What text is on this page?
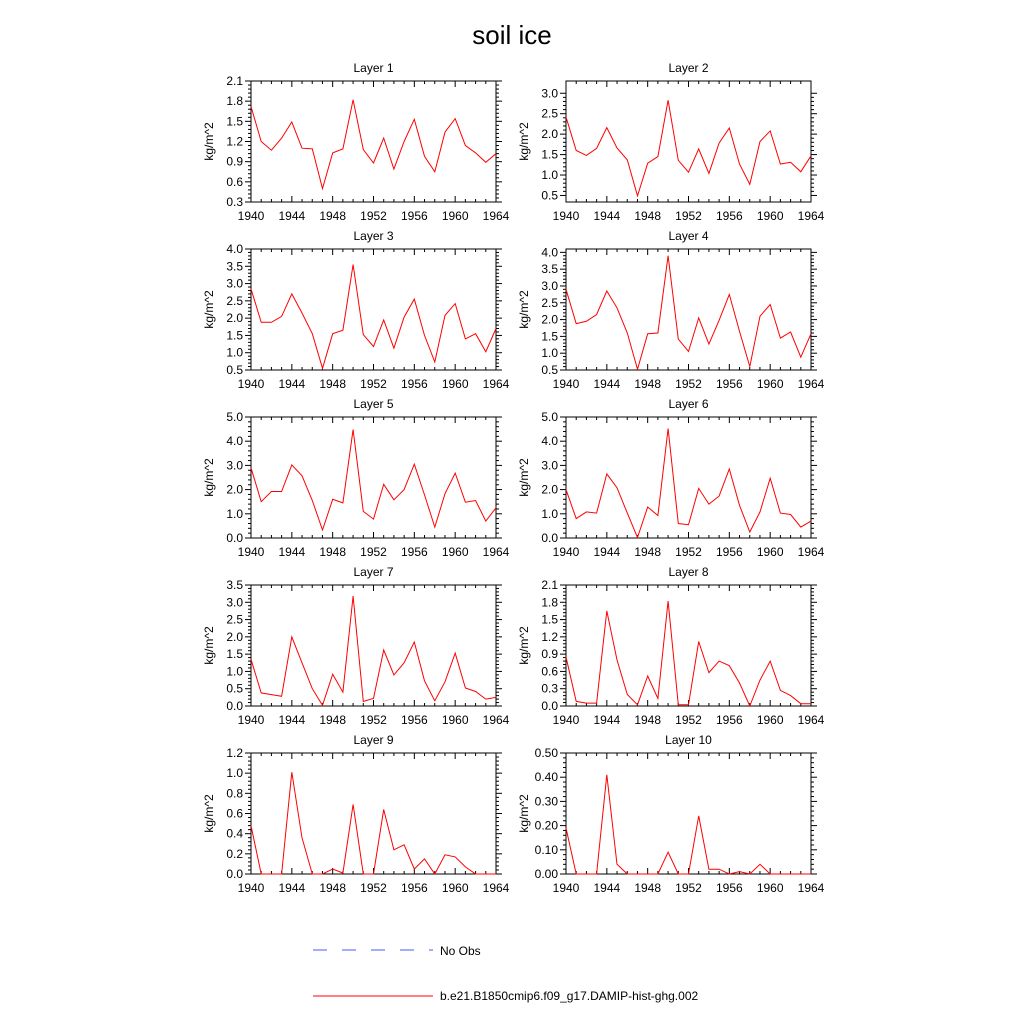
soil ice
Layer 1
1940 1944 1948 1952 1956 1960 1964
0.3
0.6
0.9
1.2
1.5
1.8
2.1
kg/m^2
Layer 2
1940 1944 1948 1952 1956 1960 1964
0.5
1.0
1.5
2.0
2.5
3.0
kg/m^2
Layer 3
1940 1944 1948 1952 1956 1960 1964
0.5
1.0
1.5
2.0
2.5
3.0
3.5
4.0
kg/m^2
Layer 4
1940 1944 1948 1952 1956 1960 1964
0.5
1.0
1.5
2.0
2.5
3.0
3.5
4.0
kg/m^2
Layer 5
1940 1944 1948 1952 1956 1960 1964
0.0
1.0
2.0
3.0
4.0
5.0
kg/m^2
Layer 6
1940 1944 1948 1952 1956 1960 1964
0.0
1.0
2.0
3.0
4.0
5.0
kg/m^2
Layer 7
1940 1944 1948 1952 1956 1960 1964
0.0
0.5
1.0
1.5
2.0
2.5
3.0
3.5
kg/m^2
Layer 8
1940 1944 1948 1952 1956 1960 1964
0.0
0.3
0.6
0.9
1.2
1.5
1.8
2.1
kg/m^2
Layer 9
1940 1944 1948 1952 1956 1960 1964
0.0
0.2
0.4
0.6
0.8
1.0
1.2
kg/m^2
Layer 10
1940 1944 1948 1952 1956 1960 1964
0.00
0.10
0.20
0.30
0.40
0.50
kg/m^2
No Obs
b.e21.B1850cmip6.f09_g17.DAMIP-hist-ghg.002
